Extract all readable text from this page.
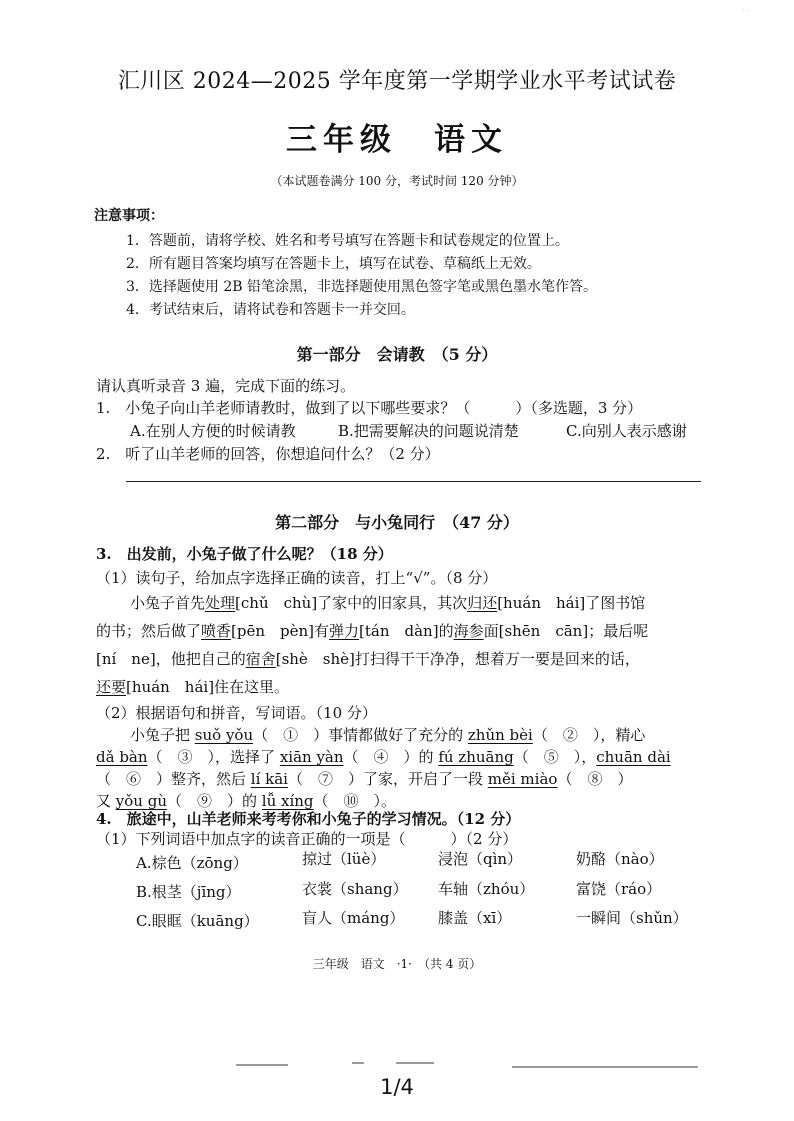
· ·
汇川区 2024—2025 学年度第一学期学业水平考试试卷
三年级　语文
（本试题卷满分 100 分，考试时间 120 分钟）
注意事项：
1．答题前，请将学校、姓名和考号填写在答题卡和试卷规定的位置上。
2．所有题目答案均填写在答题卡上，填写在试卷、草稿纸上无效。
3．选择题使用 2B 铅笔涂黑，非选择题使用黑色签字笔或黑色墨水笔作答。
4．考试结束后，请将试卷和答题卡一并交回。
第一部分　会请教　（5 分）
请认真听录音 3 遍，完成下面的练习。
1.　小兔子向山羊老师请教时，做到了以下哪些要求？（　　　）（多选题，3 分）
A.在别人方便的时候请教	B.把需要解决的问题说清楚	C.向别人表示感谢
2.　听了山羊老师的回答，你想追问什么？（2 分）
第二部分　与小兔同行　（47 分）
3.　出发前，小兔子做了什么呢？（18 分）
（1）读句子，给加点字选择正确的读音，打上“√”。（8 分）
小兔子首先处理[chǔ　chù]了家中的旧家具，其次归还[huán　hái]了图书馆
的书；然后做了喷香[pēn　pèn]有弹力[tán　dàn]的海参面[shēn　cān]；最后呢
[ní　ne]，他把自己的宿舍[shè　shè]打扫得干干净净，想着万一要是回来的话，
还要[huán　hái]住在这里。
（2）根据语句和拼音，写词语。（10 分）
小兔子把 suǒ yǒu（　①　）事情都做好了充分的 zhǔn bèi（　②　），精心
dǎ bàn（　③　），选择了 xiān yàn（　④　）的 fú zhuāng（　⑤　），chuān dài
（　⑥　）整齐，然后 lí kāi（　⑦　）了家，开启了一段 měi miào（　⑧　）
又 yǒu gù（　⑨　）的 lǚ xíng（　⑩　）。
4.　旅途中，山羊老师来考考你和小兔子的学习情况。（12 分）
（1）下列词语中加点字的读音正确的一项是（　　　）（2 分）
A.棕色（zōng）	掠过（lüè）	浸泡（qìn）	奶酪（nào）
B.根茎（jīng）	衣裳（shang） 车轴（zhóu）	富饶（ráo）
C.眼眶（kuāng）	盲人（máng） 膝盖（xī）	一瞬间（shǔn）
三年级　语文　·1·　（共 4 页）
1/4
